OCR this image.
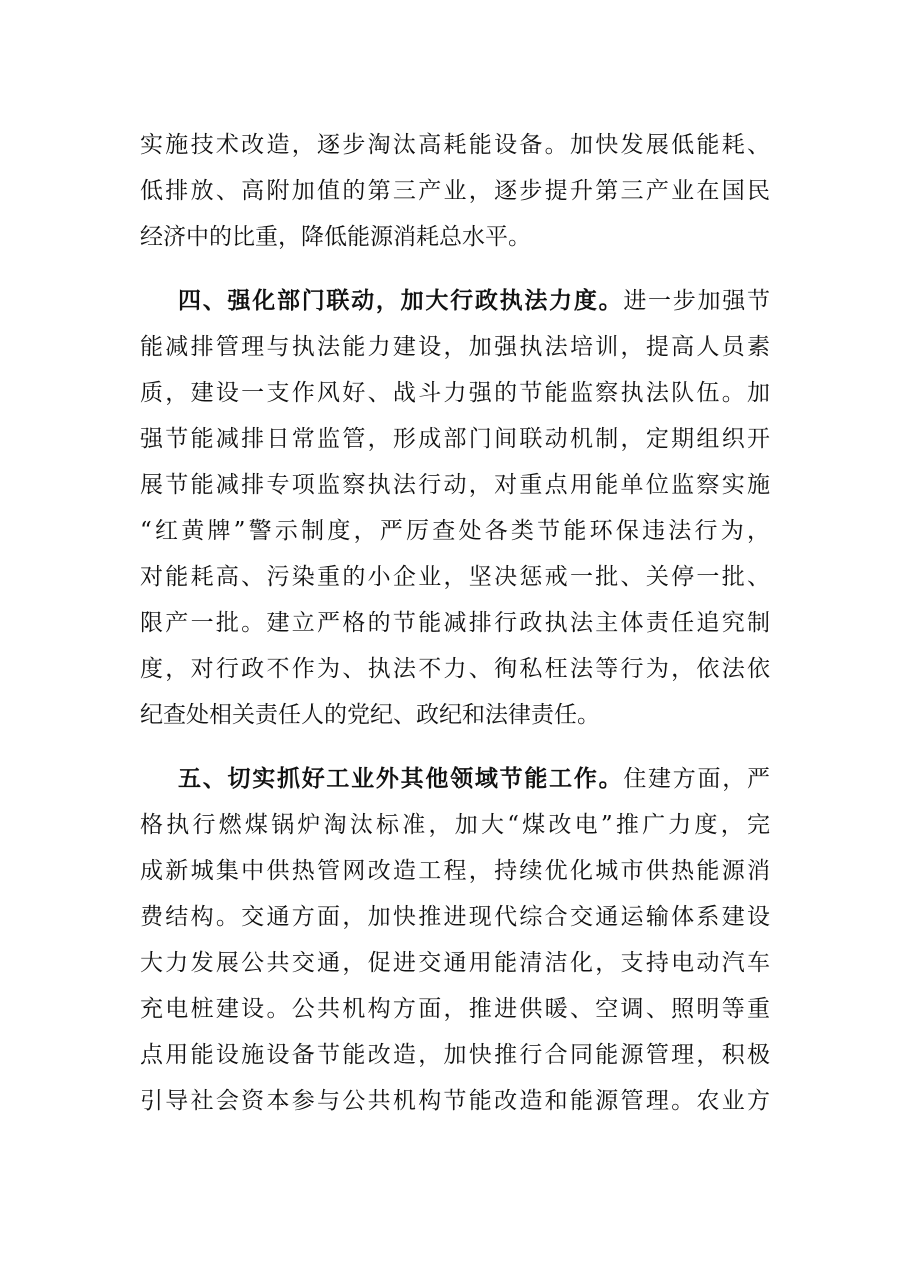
实施技术改造，逐步淘汰高耗能设备。加快发展低能耗、
低排放、高附加值的第三产业，逐步提升第三产业在国民
经济中的比重，降低能源消耗总水平。
四、强化部门联动，加大行政执法力度。进一步加强节
能减排管理与执法能力建设，加强执法培训，提高人员素
质，建设一支作风好、战斗力强的节能监察执法队伍。加
强节能减排日常监管，形成部门间联动机制，定期组织开
展节能减排专项监察执法行动，对重点用能单位监察实施
“红黄牌”警示制度，严厉查处各类节能环保违法行为，
对能耗高、污染重的小企业，坚决惩戒一批、关停一批、
限产一批。建立严格的节能减排行政执法主体责任追究制
度，对行政不作为、执法不力、徇私枉法等行为，依法依
纪查处相关责任人的党纪、政纪和法律责任。
五、切实抓好工业外其他领域节能工作。住建方面，严
格执行燃煤锅炉淘汰标准，加大“煤改电”推广力度，完
成新城集中供热管网改造工程，持续优化城市供热能源消
费结构。交通方面，加快推进现代综合交通运输体系建设
大力发展公共交通，促进交通用能清洁化，支持电动汽车
充电桩建设。公共机构方面，推进供暖、空调、照明等重
点用能设施设备节能改造，加快推行合同能源管理，积极
引导社会资本参与公共机构节能改造和能源管理。农业方
